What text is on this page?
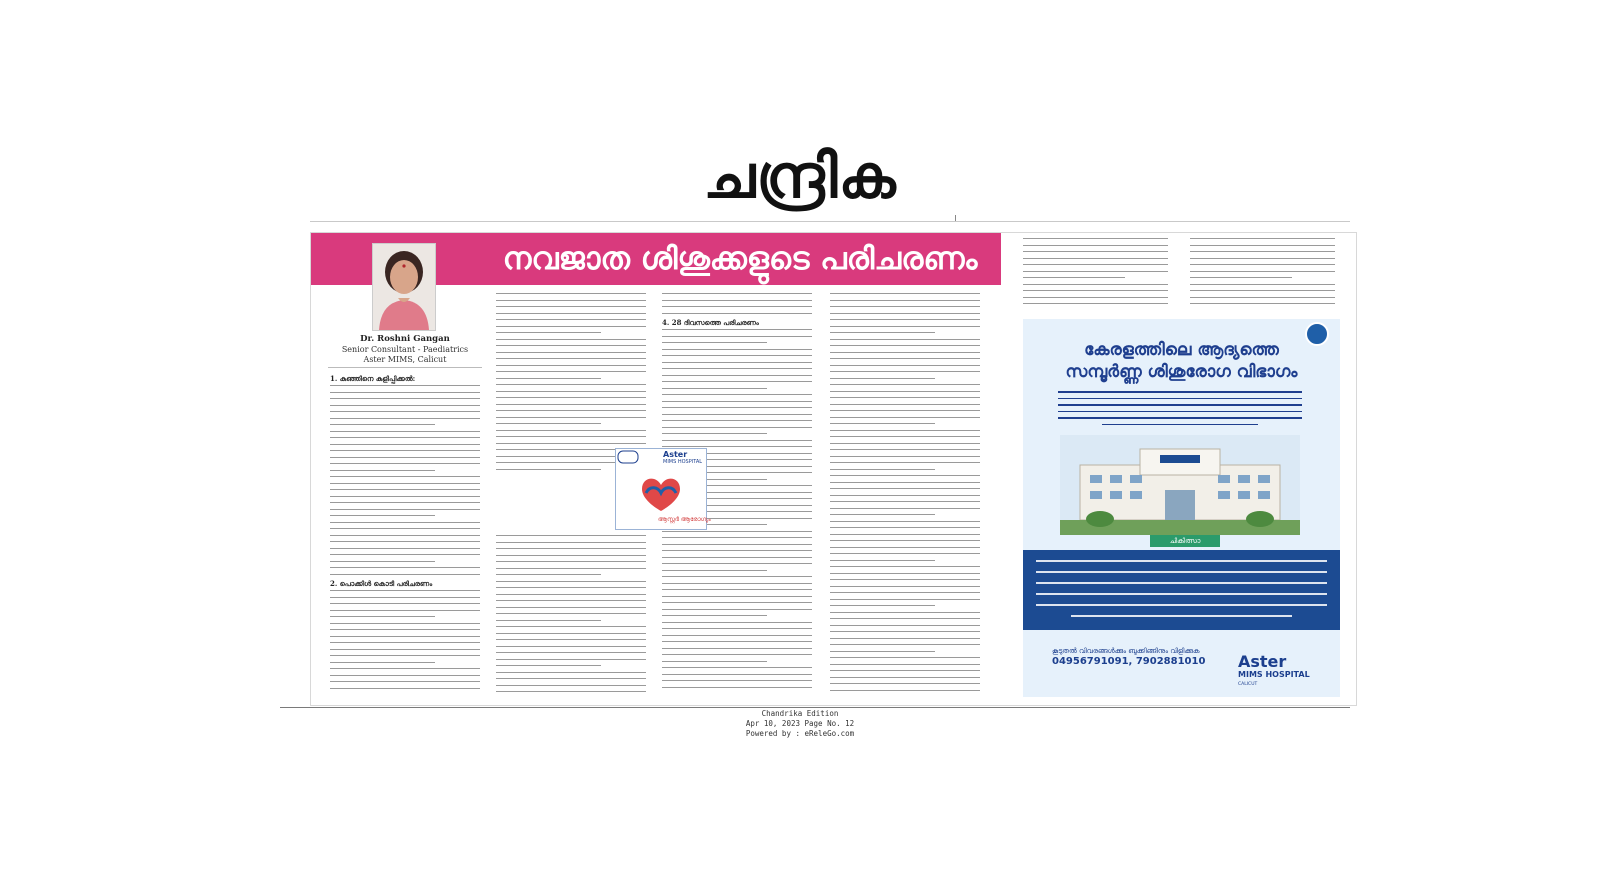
ചന്ദ്രിക
നവജാത ശിശുക്കളുടെ പരിചരണം
Dr. Roshni Gangan
Senior Consultant - Paediatrics
Aster MIMS, Calicut
1. കുഞ്ഞിനെ കുളിപ്പിക്കൽ:
2. പൊക്കിൾ കൊടി പരിചരണം
4. 28 ദിവസത്തെ പരിചരണം
Aster
MIMS HOSPITAL
ആസ്റ്റർ ആരോഗ്യം
കേരളത്തിലെ ആദ്യത്തെ
സമ്പൂർണ്ണ ശിശുരോഗ വിഭാഗം
ചികിത്സാ
കൂടുതൽ വിവരങ്ങൾക്കും ബുക്കിങ്ങിനും വിളിക്കുക
04956791091, 7902881010 Aster
MIMS HOSPITAL
CALICUT
Chandrika Edition
Apr 10, 2023 Page No. 12
Powered by : eReleGo.com
